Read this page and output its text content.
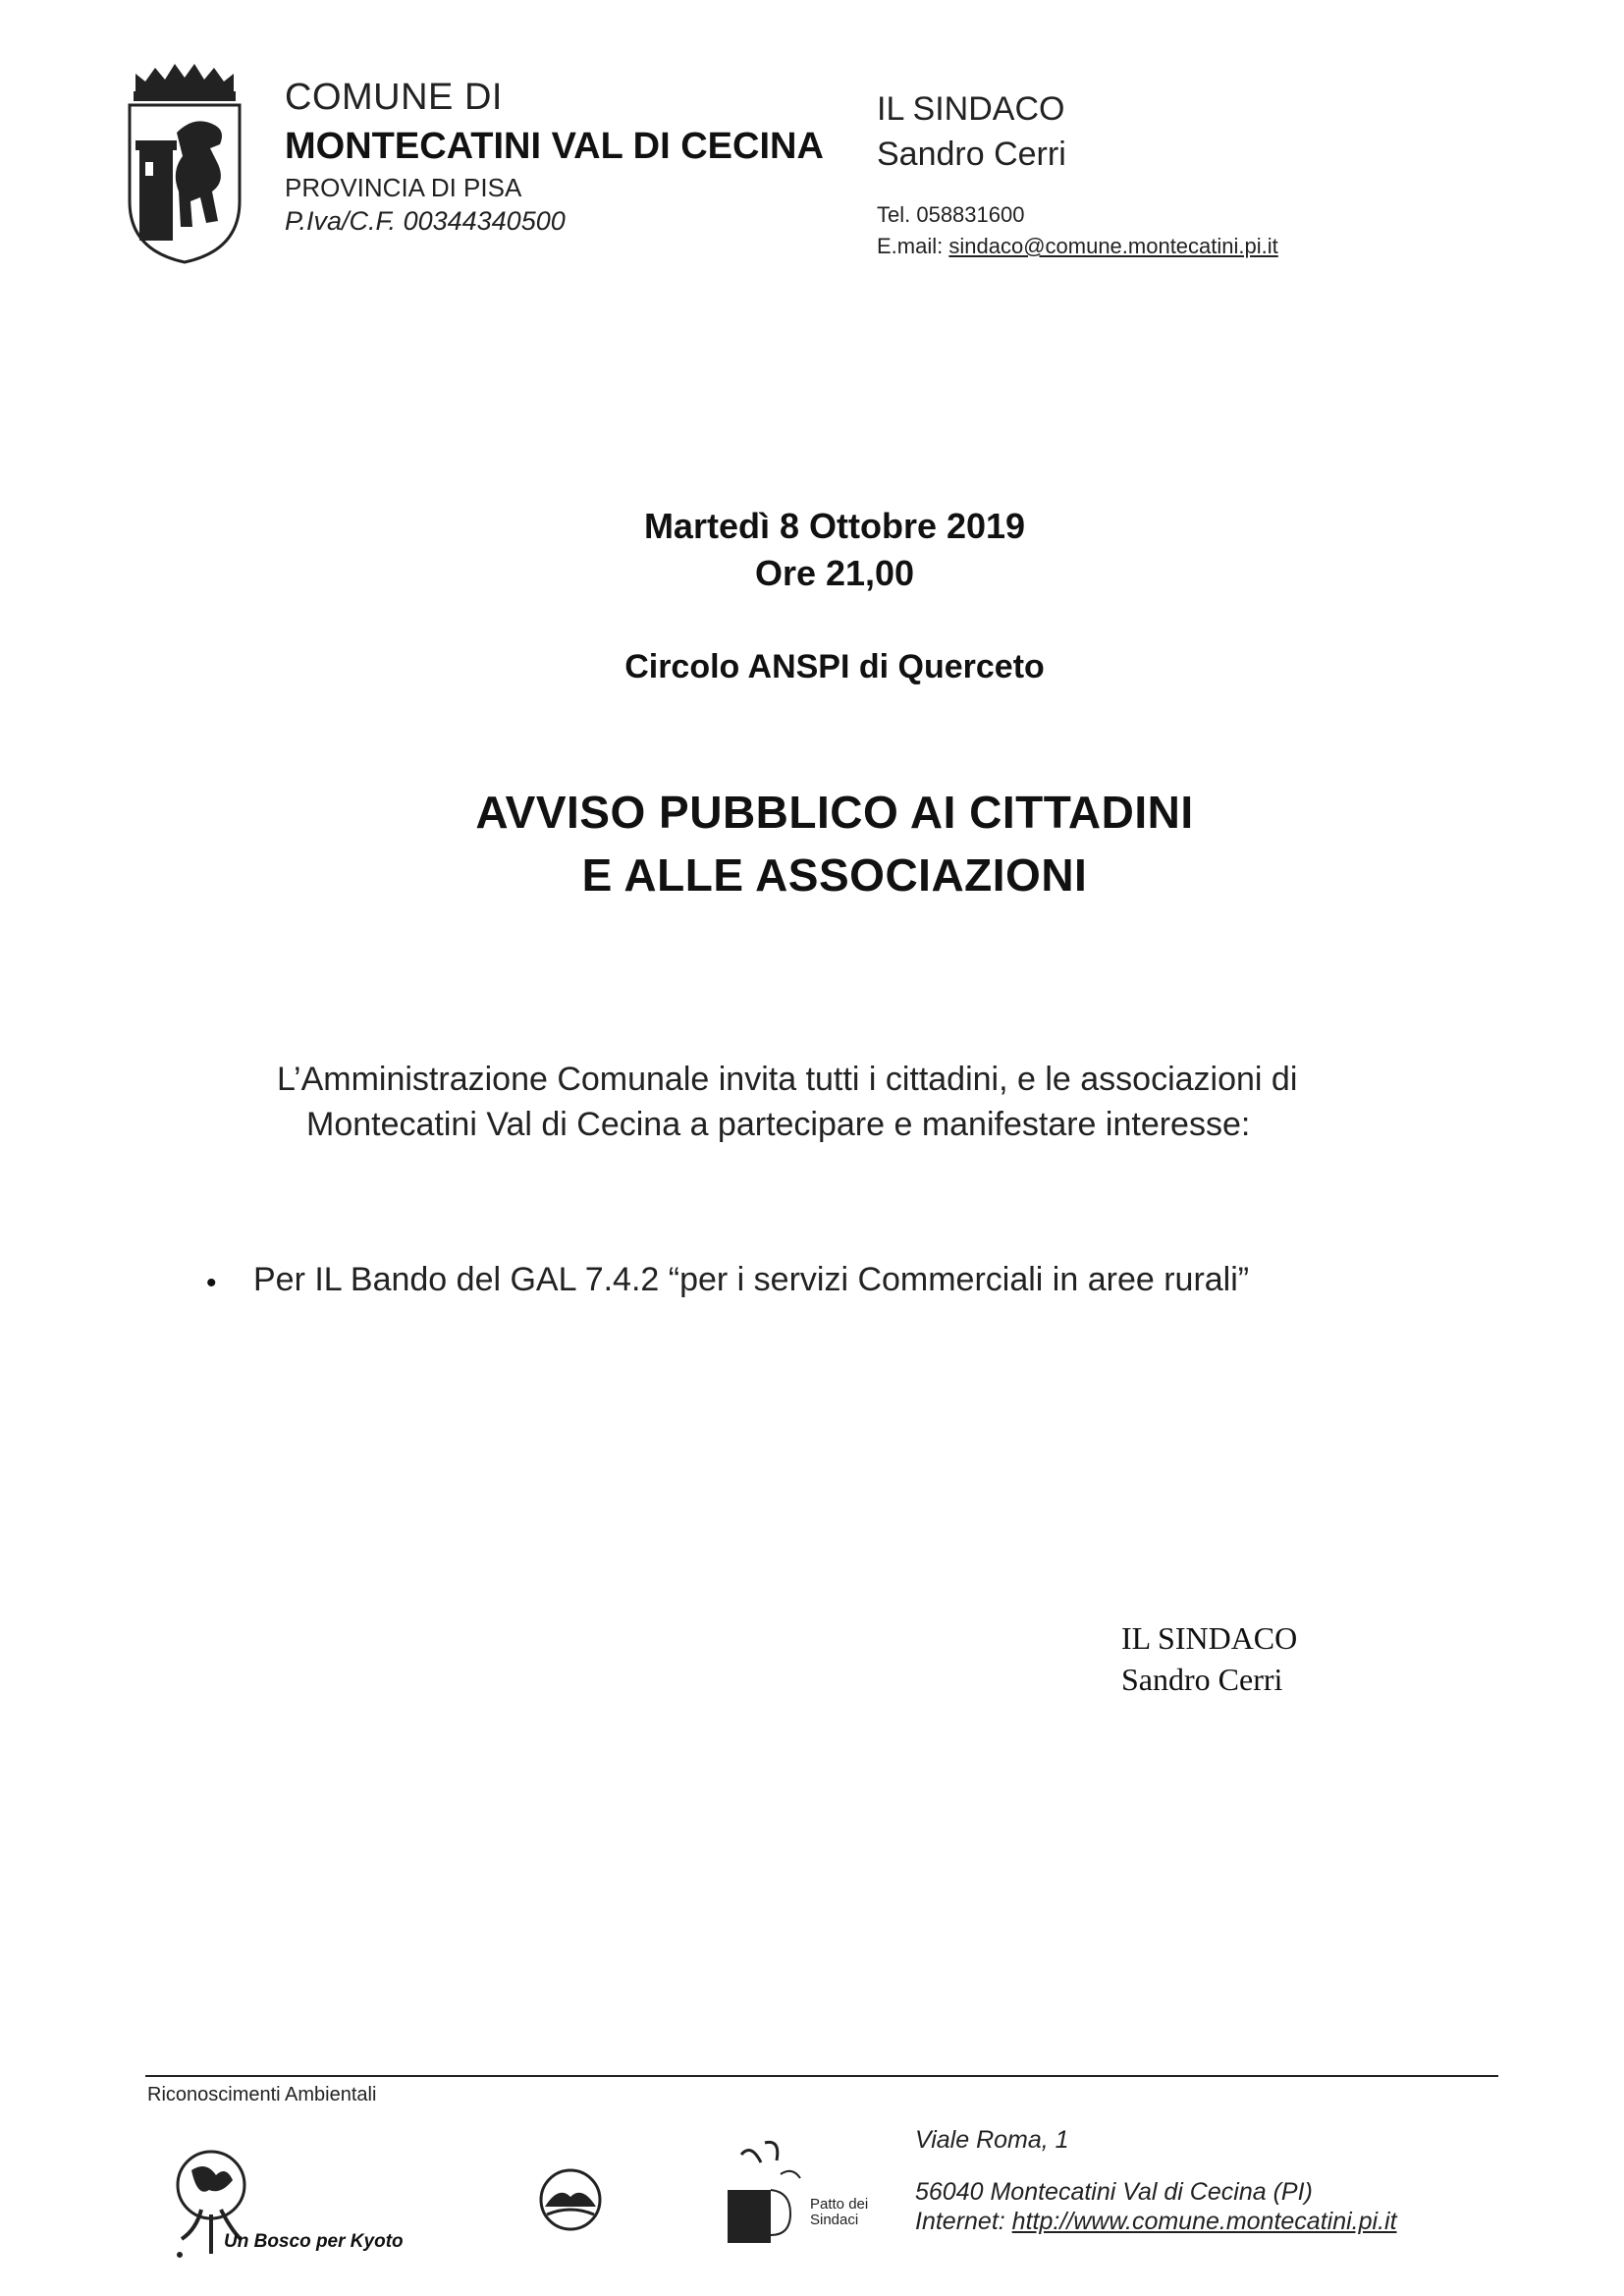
COMUNE DI
MONTECATINI VAL DI CECINA
PROVINCIA DI PISA
P.Iva/C.F. 00344340500
IL SINDACO
Sandro Cerri
Tel. 058831600
E.mail: sindaco@comune.montecatini.pi.it
Martedì 8 Ottobre 2019
Ore 21,00
Circolo ANSPI di Querceto
AVVISO PUBBLICO AI CITTADINI
E ALLE ASSOCIAZIONI
L’Amministrazione Comunale invita tutti i cittadini, e le associazioni di
Montecatini Val di Cecina a partecipare e manifestare interesse:
• Per IL Bando del GAL 7.4.2 “per i servizi Commerciali in aree rurali”
IL SINDACO
Sandro Cerri
Riconoscimenti Ambientali
Un Bosco per Kyoto
Patto dei
Sindaci
Viale Roma, 1
56040 Montecatini Val di Cecina (PI)
Internet: http://www.comune.montecatini.pi.it
